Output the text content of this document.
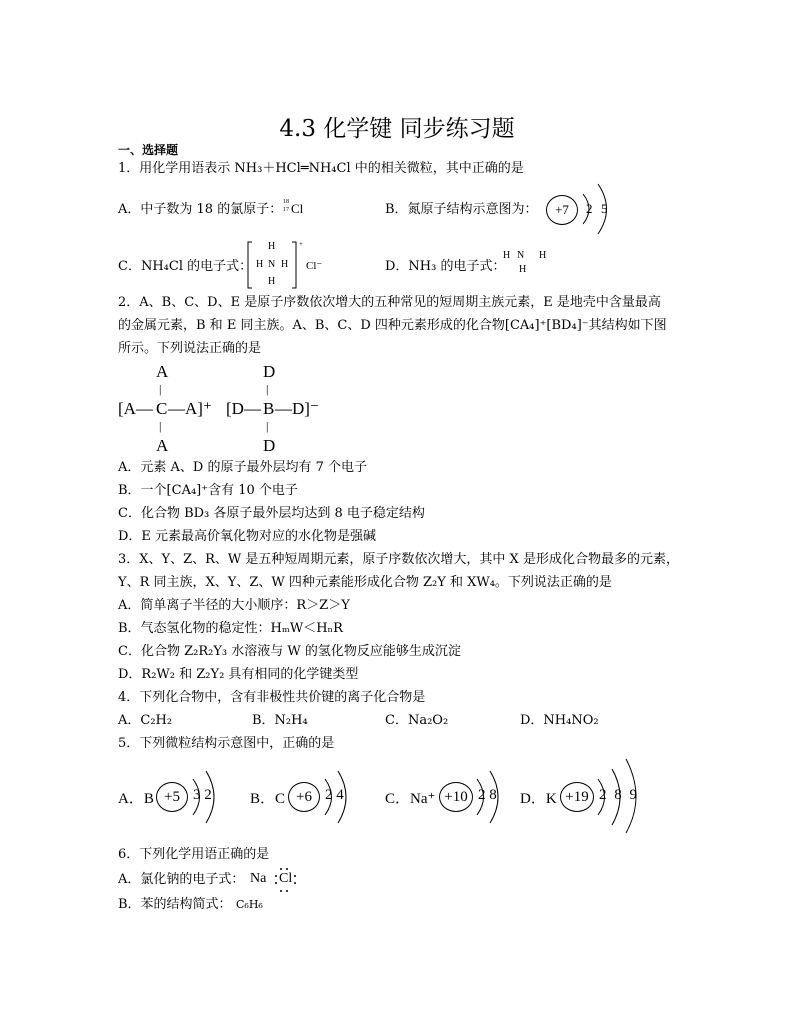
4.3 化学键 同步练习题
一、选择题
1．用化学用语表示 NH₃＋HCl═NH₄Cl 中的相关微粒，其中正确的是
A．中子数为 18 的氯原子： 18
17 Cl	B．氮原子结构示意图为：	+7	2 5
C．NH₄Cl 的电子式：
H
H N H
H
+
Cl⁻	D．NH₃ 的电子式：
H N H
H
2．A、B、C、D、E 是原子序数依次增大的五种常见的短周期主族元素，E 是地壳中含量最高
的金属元素，B 和 E 同主族。A、B、C、D 四种元素形成的化合物[CA₄]⁺[BD₄]⁻其结构如下图
所示。下列说法正确的是
A
|
[A— C —A]⁺
|
A
D
|
[D— B —D]⁻
|
D
A．元素 A、D 的原子最外层均有 7 个电子
B．一个[CA₄]⁺含有 10 个电子
C．化合物 BD₃ 各原子最外层均达到 8 电子稳定结构
D．E 元素最高价氧化物对应的水化物是强碱
3．X、Y、Z、R、W 是五种短周期元素，原子序数依次增大，其中 X 是形成化合物最多的元素，
Y、R 同主族，X、Y、Z、W 四种元素能形成化合物 Z₂Y 和 XW₄。下列说法正确的是
A．简单离子半径的大小顺序：R＞Z＞Y
B．气态氢化物的稳定性：HₘW＜HₙR
C．化合物 Z₂R₂Y₃ 水溶液与 W 的氢化物反应能够生成沉淀
D．R₂W₂ 和 Z₂Y₂ 具有相同的化学键类型
4．下列化合物中，含有非极性共价键的离子化合物是
A．C₂H₂	B．N₂H₄	C．Na₂O₂	D．NH₄NO₂
5．下列微粒结构示意图中，正确的是
A．B +5 3 2	B．C +6 2 4	C．Na⁺ +10 2 8 D．K +19 2 8 9
6．下列化学用语正确的是
A．氯化钠的电子式： Na Cl
B．苯的结构简式： C₆H₆
